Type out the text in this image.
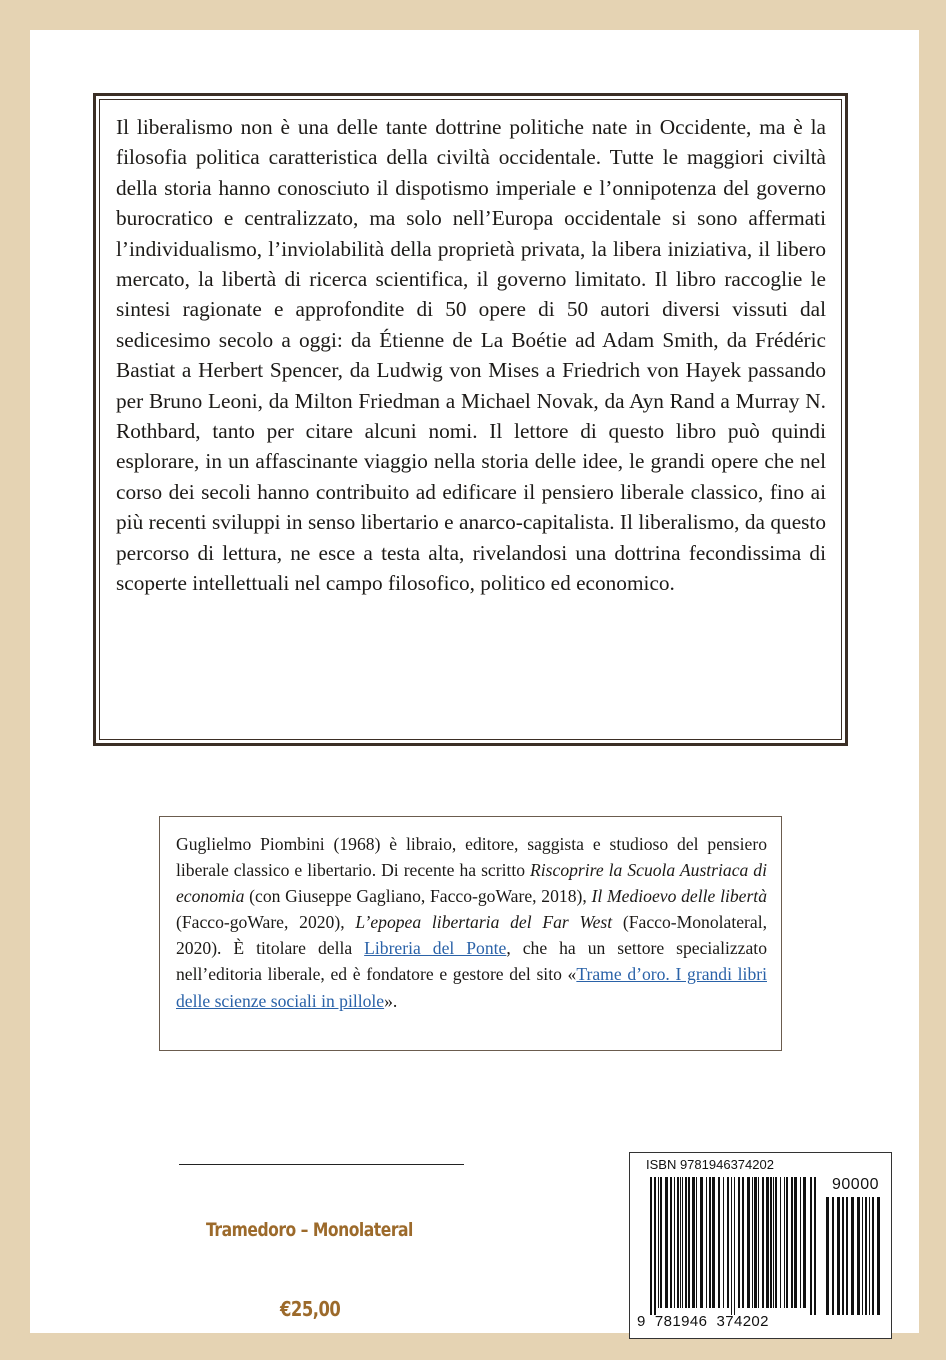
Il liberalismo non è una delle tante dottrine politiche nate in Occidente, ma è la filosofia politica caratteristica della civiltà occidentale. Tutte le maggiori civiltà della storia hanno conosciuto il dispotismo imperiale e l’onnipotenza del governo burocratico e centralizzato, ma solo nell’Europa occidentale si sono affermati l’individualismo, l’inviolabilità della proprietà privata, la libera iniziativa, il libero mercato, la libertà di ricerca scientifica, il governo limitato. Il libro raccoglie le sintesi ragionate e approfondite di 50 opere di 50 autori diversi vissuti dal sedicesimo secolo a oggi: da Étienne de La Boétie ad Adam Smith, da Frédéric Bastiat a Herbert Spencer, da Ludwig von Mises a Friedrich von Hayek passando per Bruno Leoni, da Milton Friedman a Michael Novak, da Ayn Rand a Murray N. Rothbard, tanto per citare alcuni nomi. Il lettore di questo libro può quindi esplorare, in un affascinante viaggio nella storia delle idee, le grandi opere che nel corso dei secoli hanno contribuito ad edificare il pensiero liberale classico, fino ai più recenti sviluppi in senso libertario e anarco-capitalista. Il liberalismo, da questo percorso di lettura, ne esce a testa alta, rivelandosi una dottrina fecondissima di scoperte intellettuali nel campo filosofico, politico ed economico.

Guglielmo Piombini (1968) è libraio, editore, saggista e studioso del pensiero liberale classico e libertario. Di recente ha scritto Riscoprire la Scuola Austriaca di economia (con Giuseppe Gagliano, Facco-goWare, 2018), Il Medioevo delle libertà (Facco-goWare, 2020), L’epopea libertaria del Far West (Facco-Monolateral, 2020). È titolare della Libreria del Ponte, che ha un settore specializzato nell’editoria liberale, ed è fondatore e gestore del sito «Trame d’oro. I grandi libri delle scienze sociali in pillole».

Tramedoro – Monolateral
€25,00
ISBN 9781946374202
90000
9  781946  374202
